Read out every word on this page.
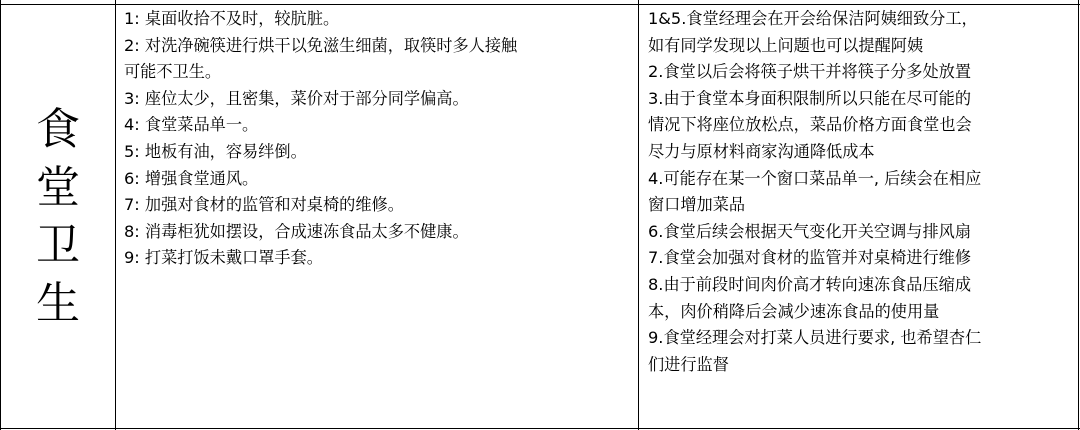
食
堂
卫
生
1: 桌面收拾不及时，较肮脏。
2: 对洗净碗筷进行烘干以免滋生细菌，取筷时多人接触
可能不卫生。
3: 座位太少，且密集，菜价对于部分同学偏高。
4: 食堂菜品单一。
5: 地板有油，容易绊倒。
6: 增强食堂通风。
7: 加强对食材的监管和对桌椅的维修。
8: 消毒柜犹如摆设，合成速冻食品太多不健康。
9: 打菜打饭未戴口罩手套。
1&5.食堂经理会在开会给保洁阿姨细致分工，
如有同学发现以上问题也可以提醒阿姨
2.食堂以后会将筷子烘干并将筷子分多处放置
3.由于食堂本身面积限制所以只能在尽可能的
情况下将座位放松点，菜品价格方面食堂也会
尽力与原材料商家沟通降低成本
4.可能存在某一个窗口菜品单一, 后续会在相应
窗口增加菜品
6.食堂后续会根据天气变化开关空调与排风扇
7.食堂会加强对食材的监管并对桌椅进行维修
8.由于前段时间肉价高才转向速冻食品压缩成
本，肉价稍降后会减少速冻食品的使用量
9.食堂经理会对打菜人员进行要求, 也希望杏仁
们进行监督
